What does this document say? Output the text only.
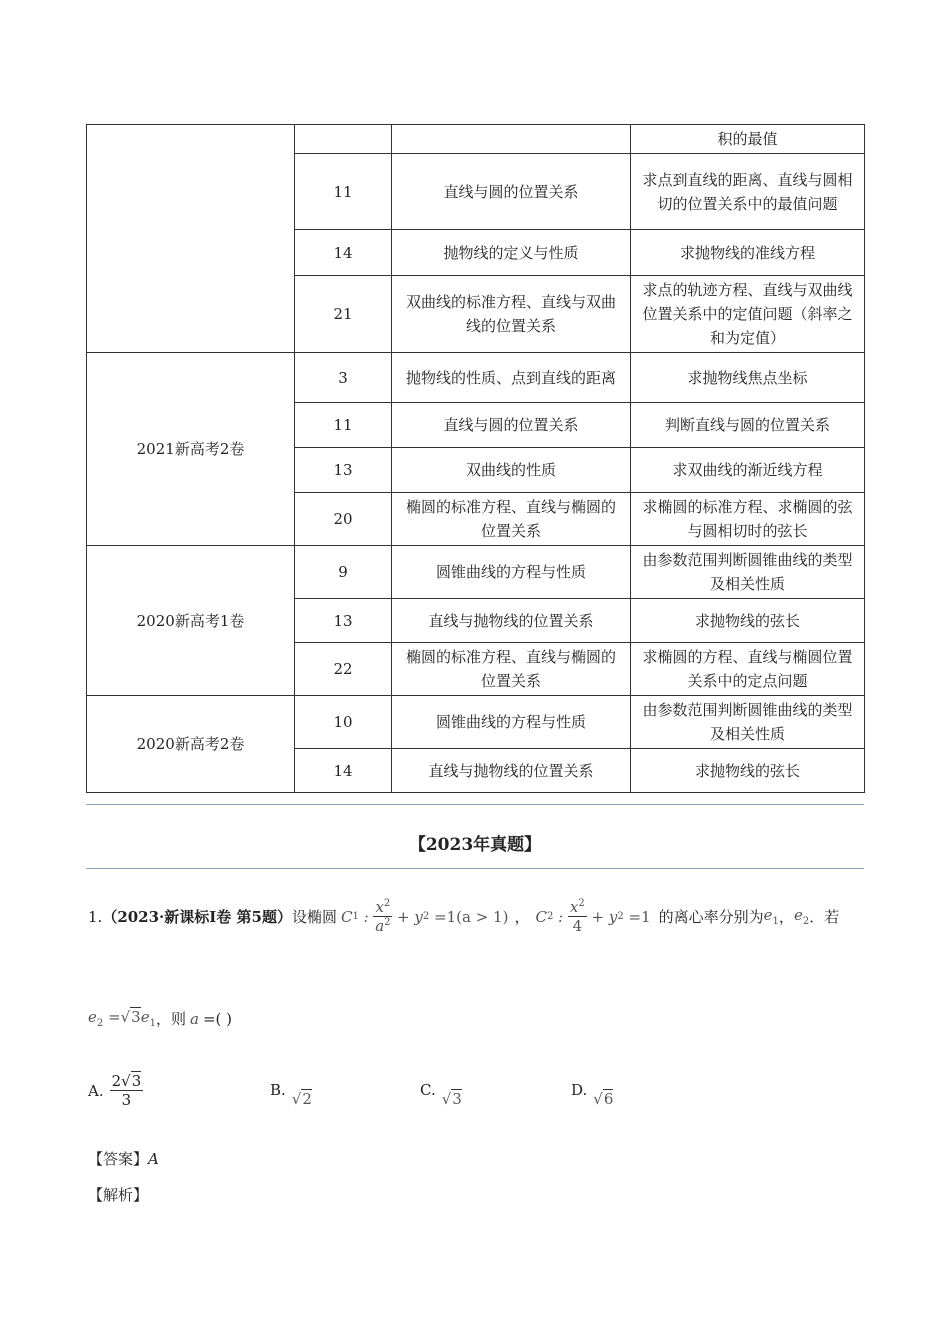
			积的最值
	11	直线与圆的位置关系	求点到直线的距离、直线与圆相切的位置关系中的最值问题
	14	抛物线的定义与性质	求抛物线的准线方程
	21	双曲线的标准方程、直线与双曲线的位置关系	求点的轨迹方程、直线与双曲线位置关系中的定值问题（斜率之和为定值）
2021新高考2卷	3	抛物线的性质、点到直线的距离	求抛物线焦点坐标
	11	直线与圆的位置关系	判断直线与圆的位置关系
	13	双曲线的性质	求双曲线的渐近线方程
	20	椭圆的标准方程、直线与椭圆的位置关系	求椭圆的标准方程、求椭圆的弦与圆相切时的弦长
2020新高考1卷	9	圆锥曲线的方程与性质	由参数范围判断圆锥曲线的类型及相关性质
	13	直线与抛物线的位置关系	求抛物线的弦长
	22	椭圆的标准方程、直线与椭圆的位置关系	求椭圆的方程、直线与椭圆位置关系中的定点问题
2020新高考2卷	10	圆锥曲线的方程与性质	由参数范围判断圆锥曲线的类型及相关性质
	14	直线与抛物线的位置关系	求抛物线的弦长
【2023年真题】
1. （2023·新课标I卷 第5题） 设椭圆 C 1 : $\frac{x^2}{a^2} + y$ 2
=1(a > 1) ， C 2 : $\frac{x^2}{4} + y$ 2
=1 的离心率分别为 $e_1$ ， $e_2$ ．若
$e_2 =√3e_1$ ，则 a =( )
A. $\frac{2√3}{3}$	B. √2	C. √3	D. √6
【答案】A
【解析】
